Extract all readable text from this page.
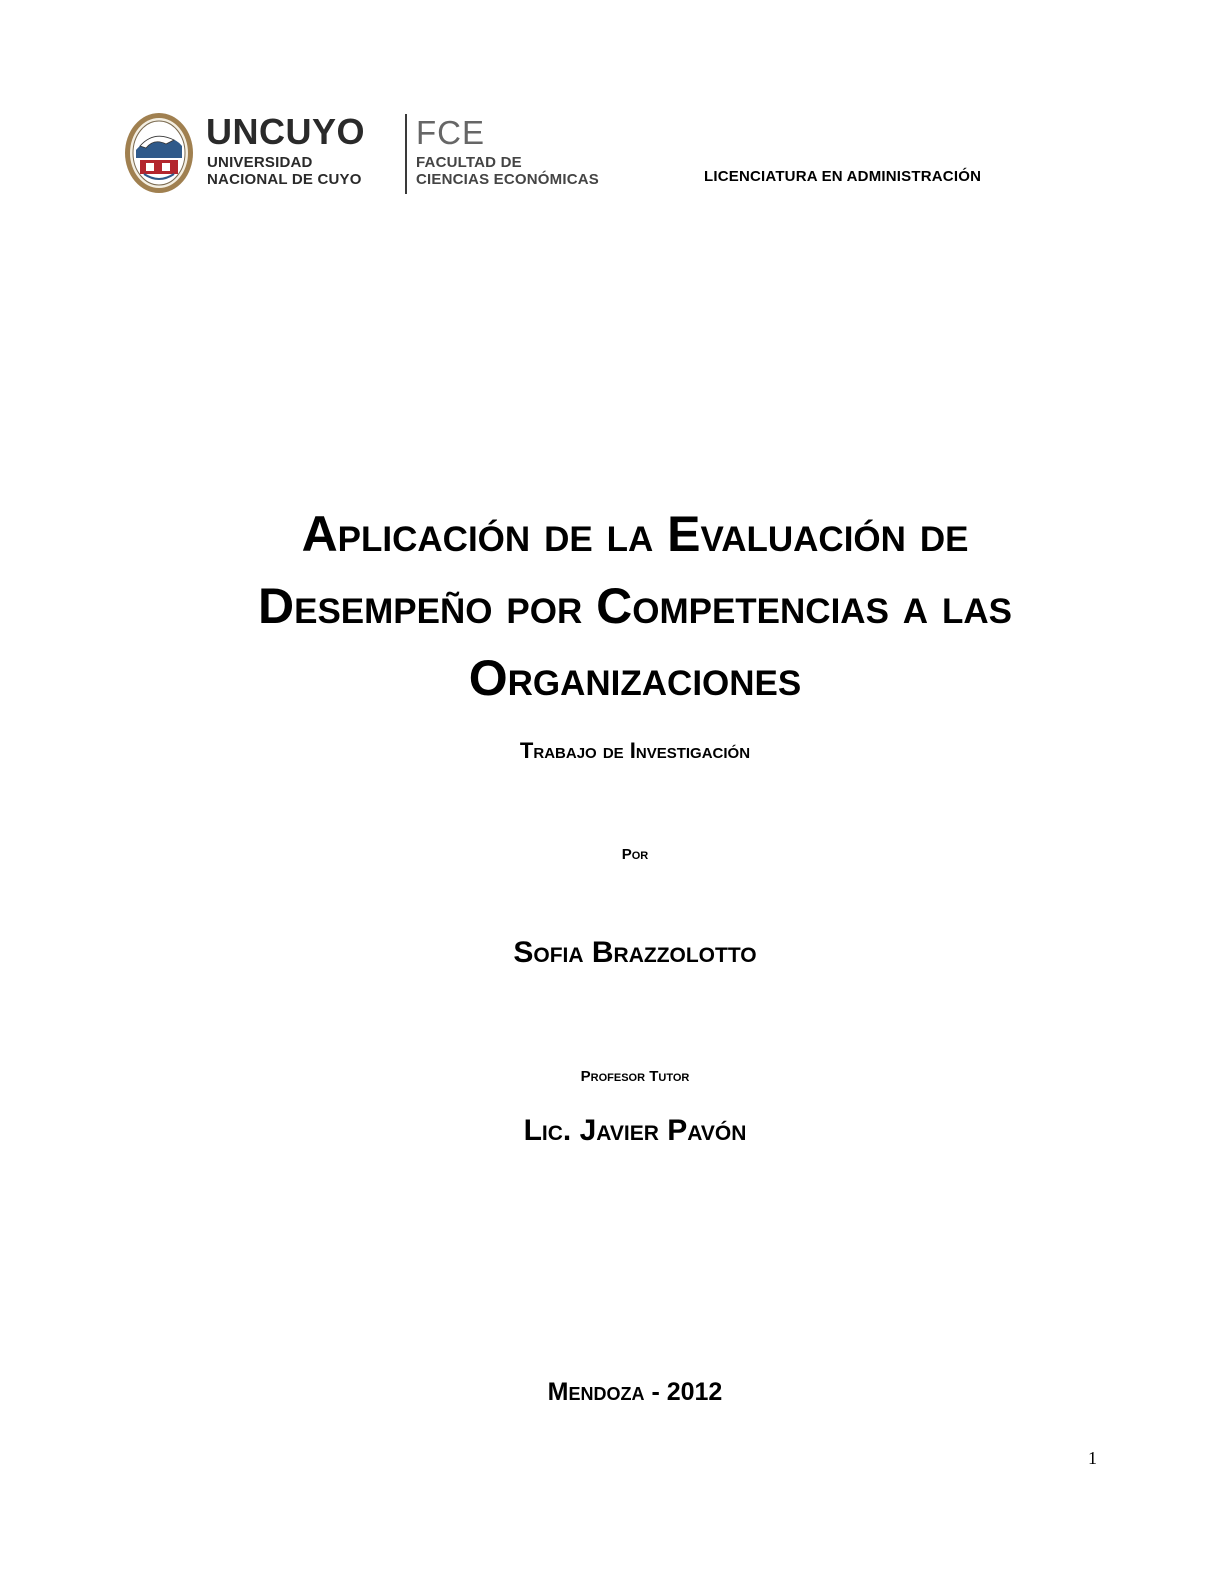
UNCUYO
UNIVERSIDAD
NACIONAL DE CUYO
FCE
FACULTAD DE
CIENCIAS ECONÓMICAS	LICENCIATURA EN ADMINISTRACIÓN
Aplicación de la Evaluación de
Desempeño por Competencias a las
Organizaciones
Trabajo de Investigación
Por
Sofia Brazzolotto
Profesor Tutor
Lic. Javier Pavón
Mendoza - 2012
1
